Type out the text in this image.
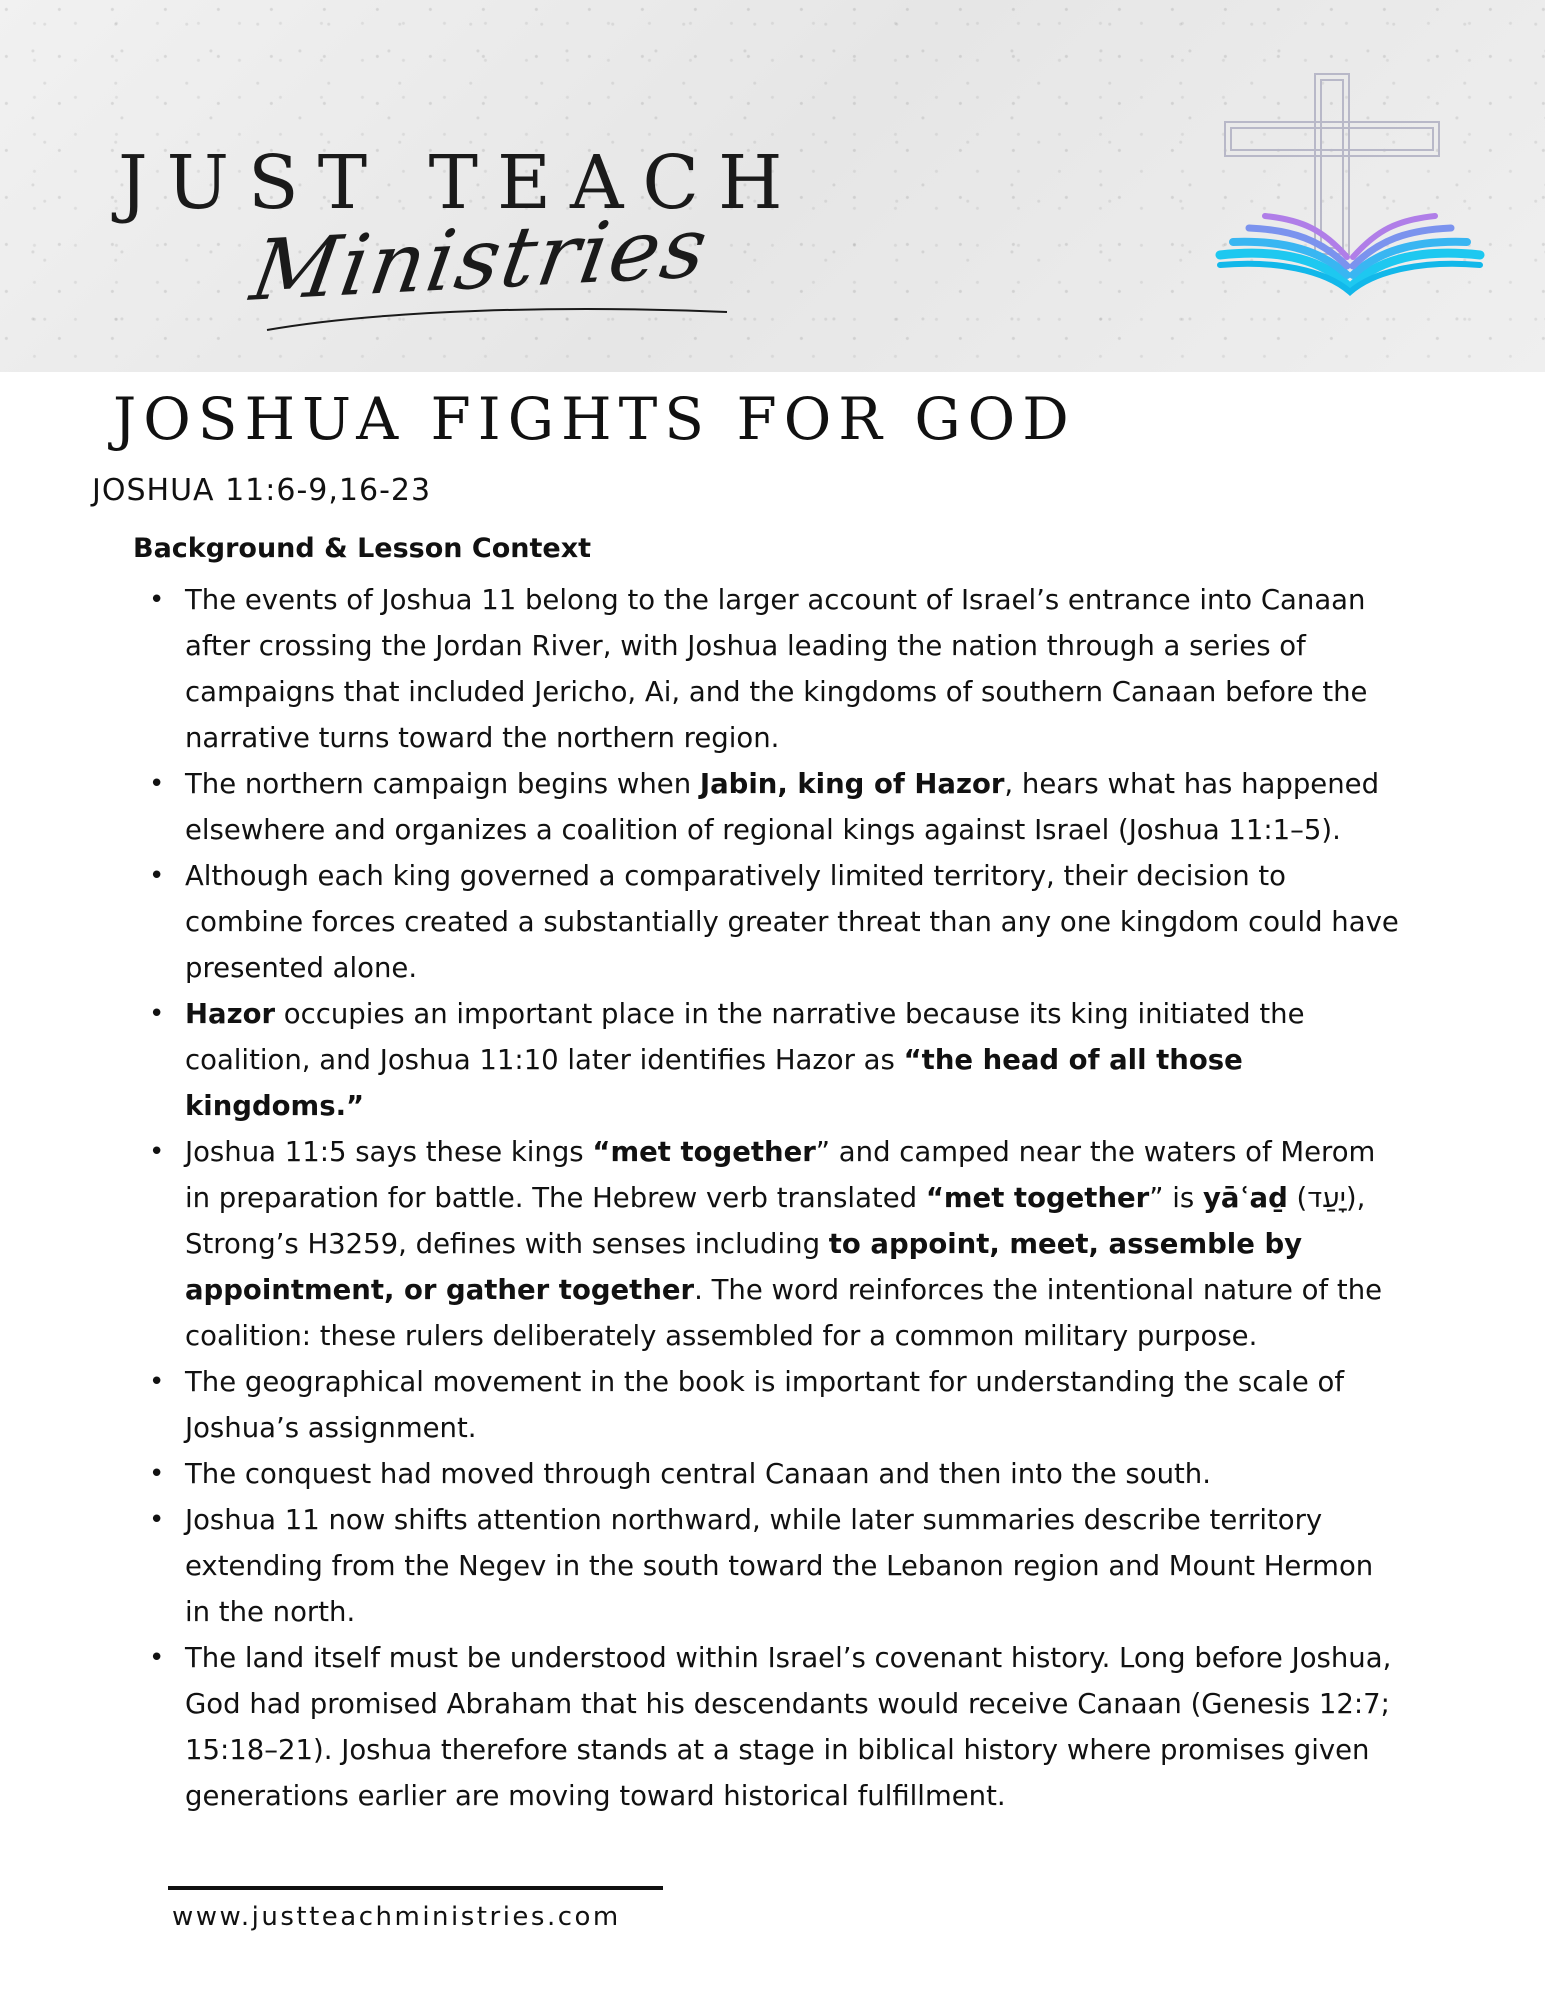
JUST TEACH
Ministries
JOSHUA FIGHTS FOR GOD
JOSHUA 11:6-9,16-23
Background & Lesson Context
• The events of Joshua 11 belong to the larger account of Israel’s entrance into Canaan after crossing the Jordan River, with Joshua leading the nation through a series of campaigns that included Jericho, Ai, and the kingdoms of southern Canaan before the narrative turns toward the northern region.
• The northern campaign begins when Jabin, king of Hazor, hears what has happened elsewhere and organizes a coalition of regional kings against Israel (Joshua 11:1–5).
• Although each king governed a comparatively limited territory, their decision to combine forces created a substantially greater threat than any one kingdom could have presented alone.
• Hazor occupies an important place in the narrative because its king initiated the coalition, and Joshua 11:10 later identifies Hazor as “the head of all those kingdoms.”
• Joshua 11:5 says these kings “met together” and camped near the waters of Merom in preparation for battle. The Hebrew verb translated “met together” is yāʿaḏ (יָעַד), Strong’s H3259, defines with senses including to appoint, meet, assemble by appointment, or gather together. The word reinforces the intentional nature of the coalition: these rulers deliberately assembled for a common military purpose.
• The geographical movement in the book is important for understanding the scale of Joshua’s assignment.
• The conquest had moved through central Canaan and then into the south.
• Joshua 11 now shifts attention northward, while later summaries describe territory extending from the Negev in the south toward the Lebanon region and Mount Hermon in the north.
• The land itself must be understood within Israel’s covenant history. Long before Joshua, God had promised Abraham that his descendants would receive Canaan (Genesis 12:7; 15:18–21). Joshua therefore stands at a stage in biblical history where promises given generations earlier are moving toward historical fulfillment.
www.justteachministries.com
